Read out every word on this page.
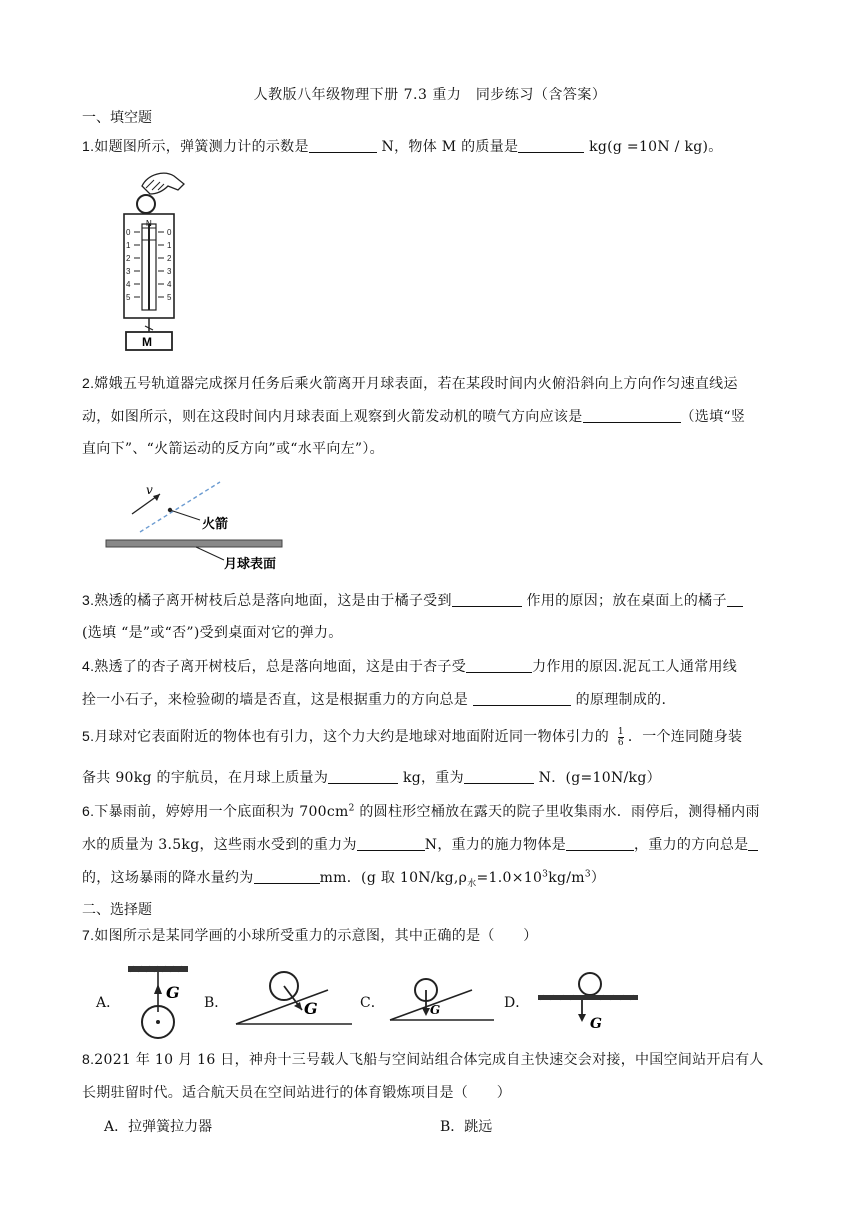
人教版八年级物理下册 7.3 重力　同步练习（含答案）
一、填空题
1.如题图所示，弹簧测力计的示数是	N，物体 M 的质量是	kg(g =10N / kg)。
N
0
1
2
3
4
5
0
1
2
3
4
5
M
2.嫦娥五号轨道器完成探月任务后乘火箭离开月球表面，若在某段时间内火俯沿斜向上方向作匀速直线运
动，如图所示，则在这段时间内月球表面上观察到火箭发动机的喷气方向应该是	（选填“竖
直向下”、“火箭运动的反方向”或“水平向左”）。
v
火箭
月球表面
3.熟透的橘子离开树枝后总是落向地面，这是由于橘子受到	作用的原因；放在桌面上的橘子
(选填 “是”或“否”)受到桌面对它的弹力。
4.熟透了的杏子离开树枝后，总是落向地面，这是由于杏子受	力作用的原因.泥瓦工人通常用线
拴一小石子，来检验砌的墙是否直，这是根据重力的方向总是	的原理制成的.
5.月球对它表面附近的物体也有引力，这个力大约是地球对地面附近同一物体引力的 $\frac{1}{6}$ ．一个连同随身装
备共 90kg 的宇航员，在月球上质量为	kg，重为	N．(g=10N/kg）
6.下暴雨前，婷婷用一个底面积为 $700cm^2$ 的圆柱形空桶放在露天的院子里收集雨水．雨停后，测得桶内雨
水的质量为 3.5kg，这些雨水受到的重力为	N，重力的施力物体是	，重力的方向总是
的，这场暴雨的降水量约为	mm．(g 取 $10N/kg,\rho_水=1.0\times 10^3kg/m^3$）
二、选择题
7.如图所示是某同学画的小球所受重力的示意图，其中正确的是（　　）
A．
G
B．	G	C．	G	D．
G
8.2021 年 10 月 16 日，神舟十三号载人飞船与空间站组合体完成自主快速交会对接，中国空间站开启有人
长期驻留时代。适合航天员在空间站进行的体育锻炼项目是（　　）
A．拉弹簧拉力器	B．跳远
